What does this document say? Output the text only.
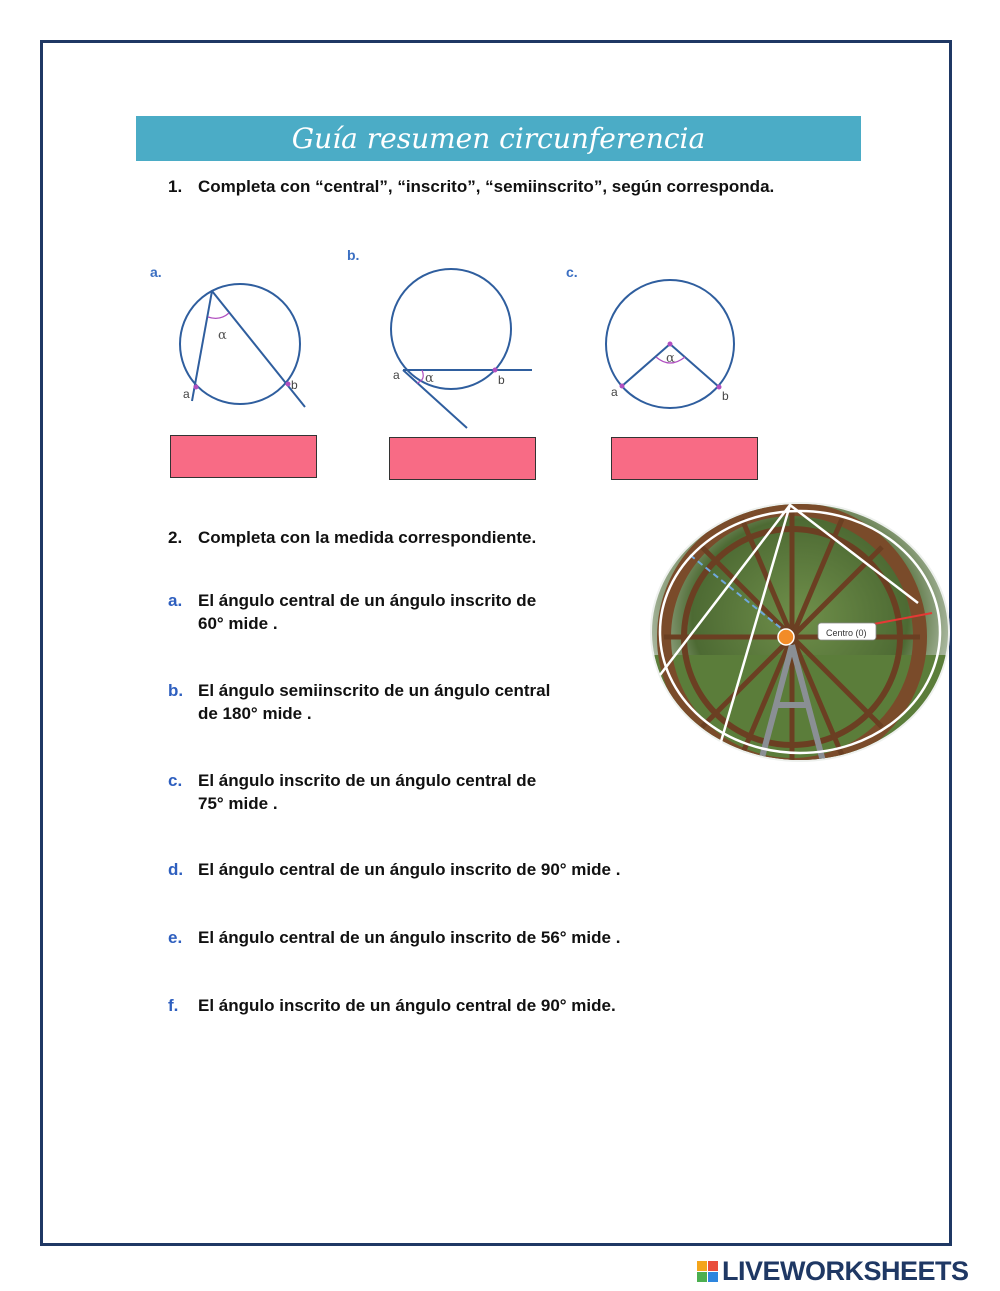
Guía resumen circunferencia
1. Completa con “central”, “inscrito”, “semiinscrito”, según corresponda.
a.
α
a
b
b.
α
a	b
c.
α
a	b
2. Completa con la medida correspondiente.
a. El ángulo central de un ángulo inscrito de
60° mide .
b. El ángulo semiinscrito de un ángulo central
de 180° mide .
c. El ángulo inscrito de un ángulo central de
75° mide .
d. El ángulo central de un ángulo inscrito de 90° mide .
e. El ángulo central de un ángulo inscrito de 56° mide .
f.	El ángulo inscrito de un ángulo central de 90° mide.
Centro (0)
LIVEWORKSHEETS
